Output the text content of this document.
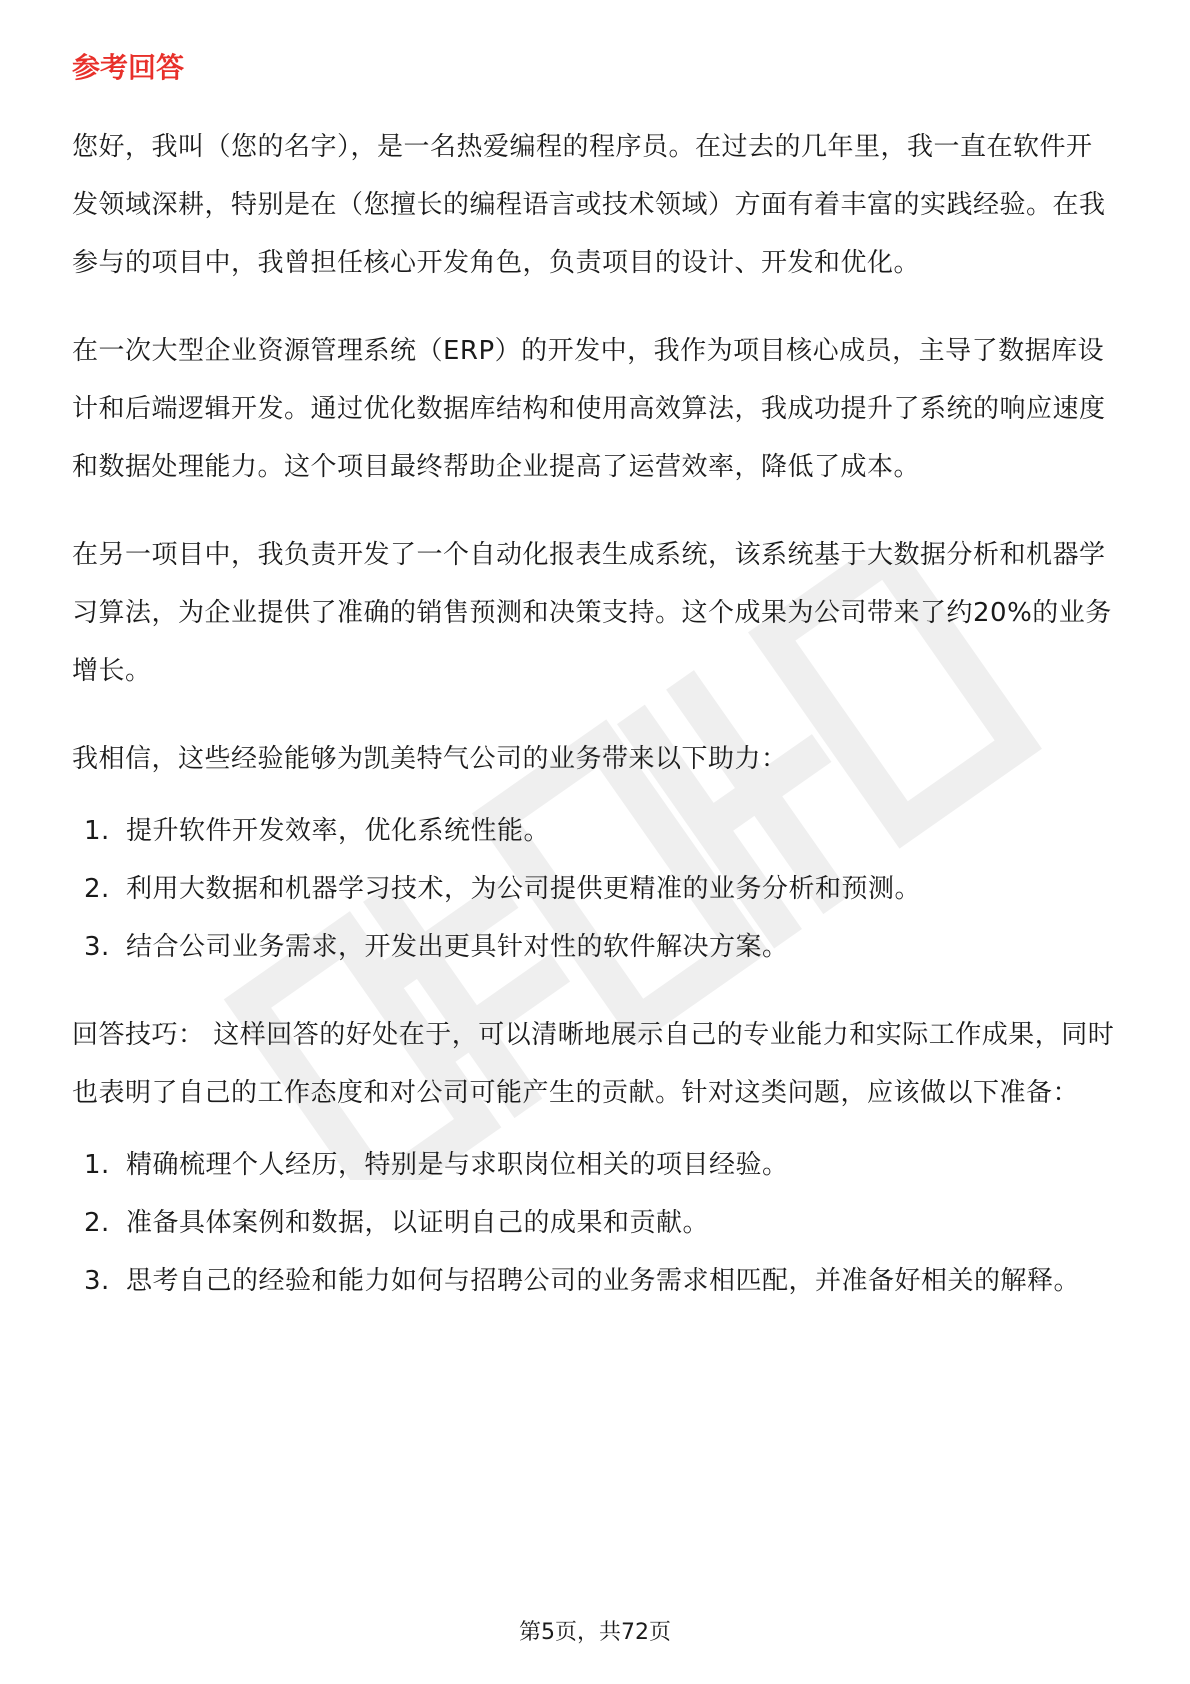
参考回答

您好，我叫（您的名字），是一名热爱编程的程序员。在过去的几年里，我一直在软件开发领域深耕，特别是在（您擅长的编程语言或技术领域）方面有着丰富的实践经验。在我参与的项目中，我曾担任核心开发角色，负责项目的设计、开发和优化。

在一次大型企业资源管理系统（ERP）的开发中，我作为项目核心成员，主导了数据库设计和后端逻辑开发。通过优化数据库结构和使用高效算法，我成功提升了系统的响应速度和数据处理能力。这个项目最终帮助企业提高了运营效率，降低了成本。

在另一项目中，我负责开发了一个自动化报表生成系统，该系统基于大数据分析和机器学习算法，为企业提供了准确的销售预测和决策支持。这个成果为公司带来了约20%的业务增长。

我相信，这些经验能够为凯美特气公司的业务带来以下助力：

1. 提升软件开发效率，优化系统性能。
2. 利用大数据和机器学习技术，为公司提供更精准的业务分析和预测。
3. 结合公司业务需求，开发出更具针对性的软件解决方案。

回答技巧： 这样回答的好处在于，可以清晰地展示自己的专业能力和实际工作成果，同时也表明了自己的工作态度和对公司可能产生的贡献。针对这类问题，应该做以下准备：

1. 精确梳理个人经历，特别是与求职岗位相关的项目经验。
2. 准备具体案例和数据，以证明自己的成果和贡献。
3. 思考自己的经验和能力如何与招聘公司的业务需求相匹配，并准备好相关的解释。
第5页，共72页
